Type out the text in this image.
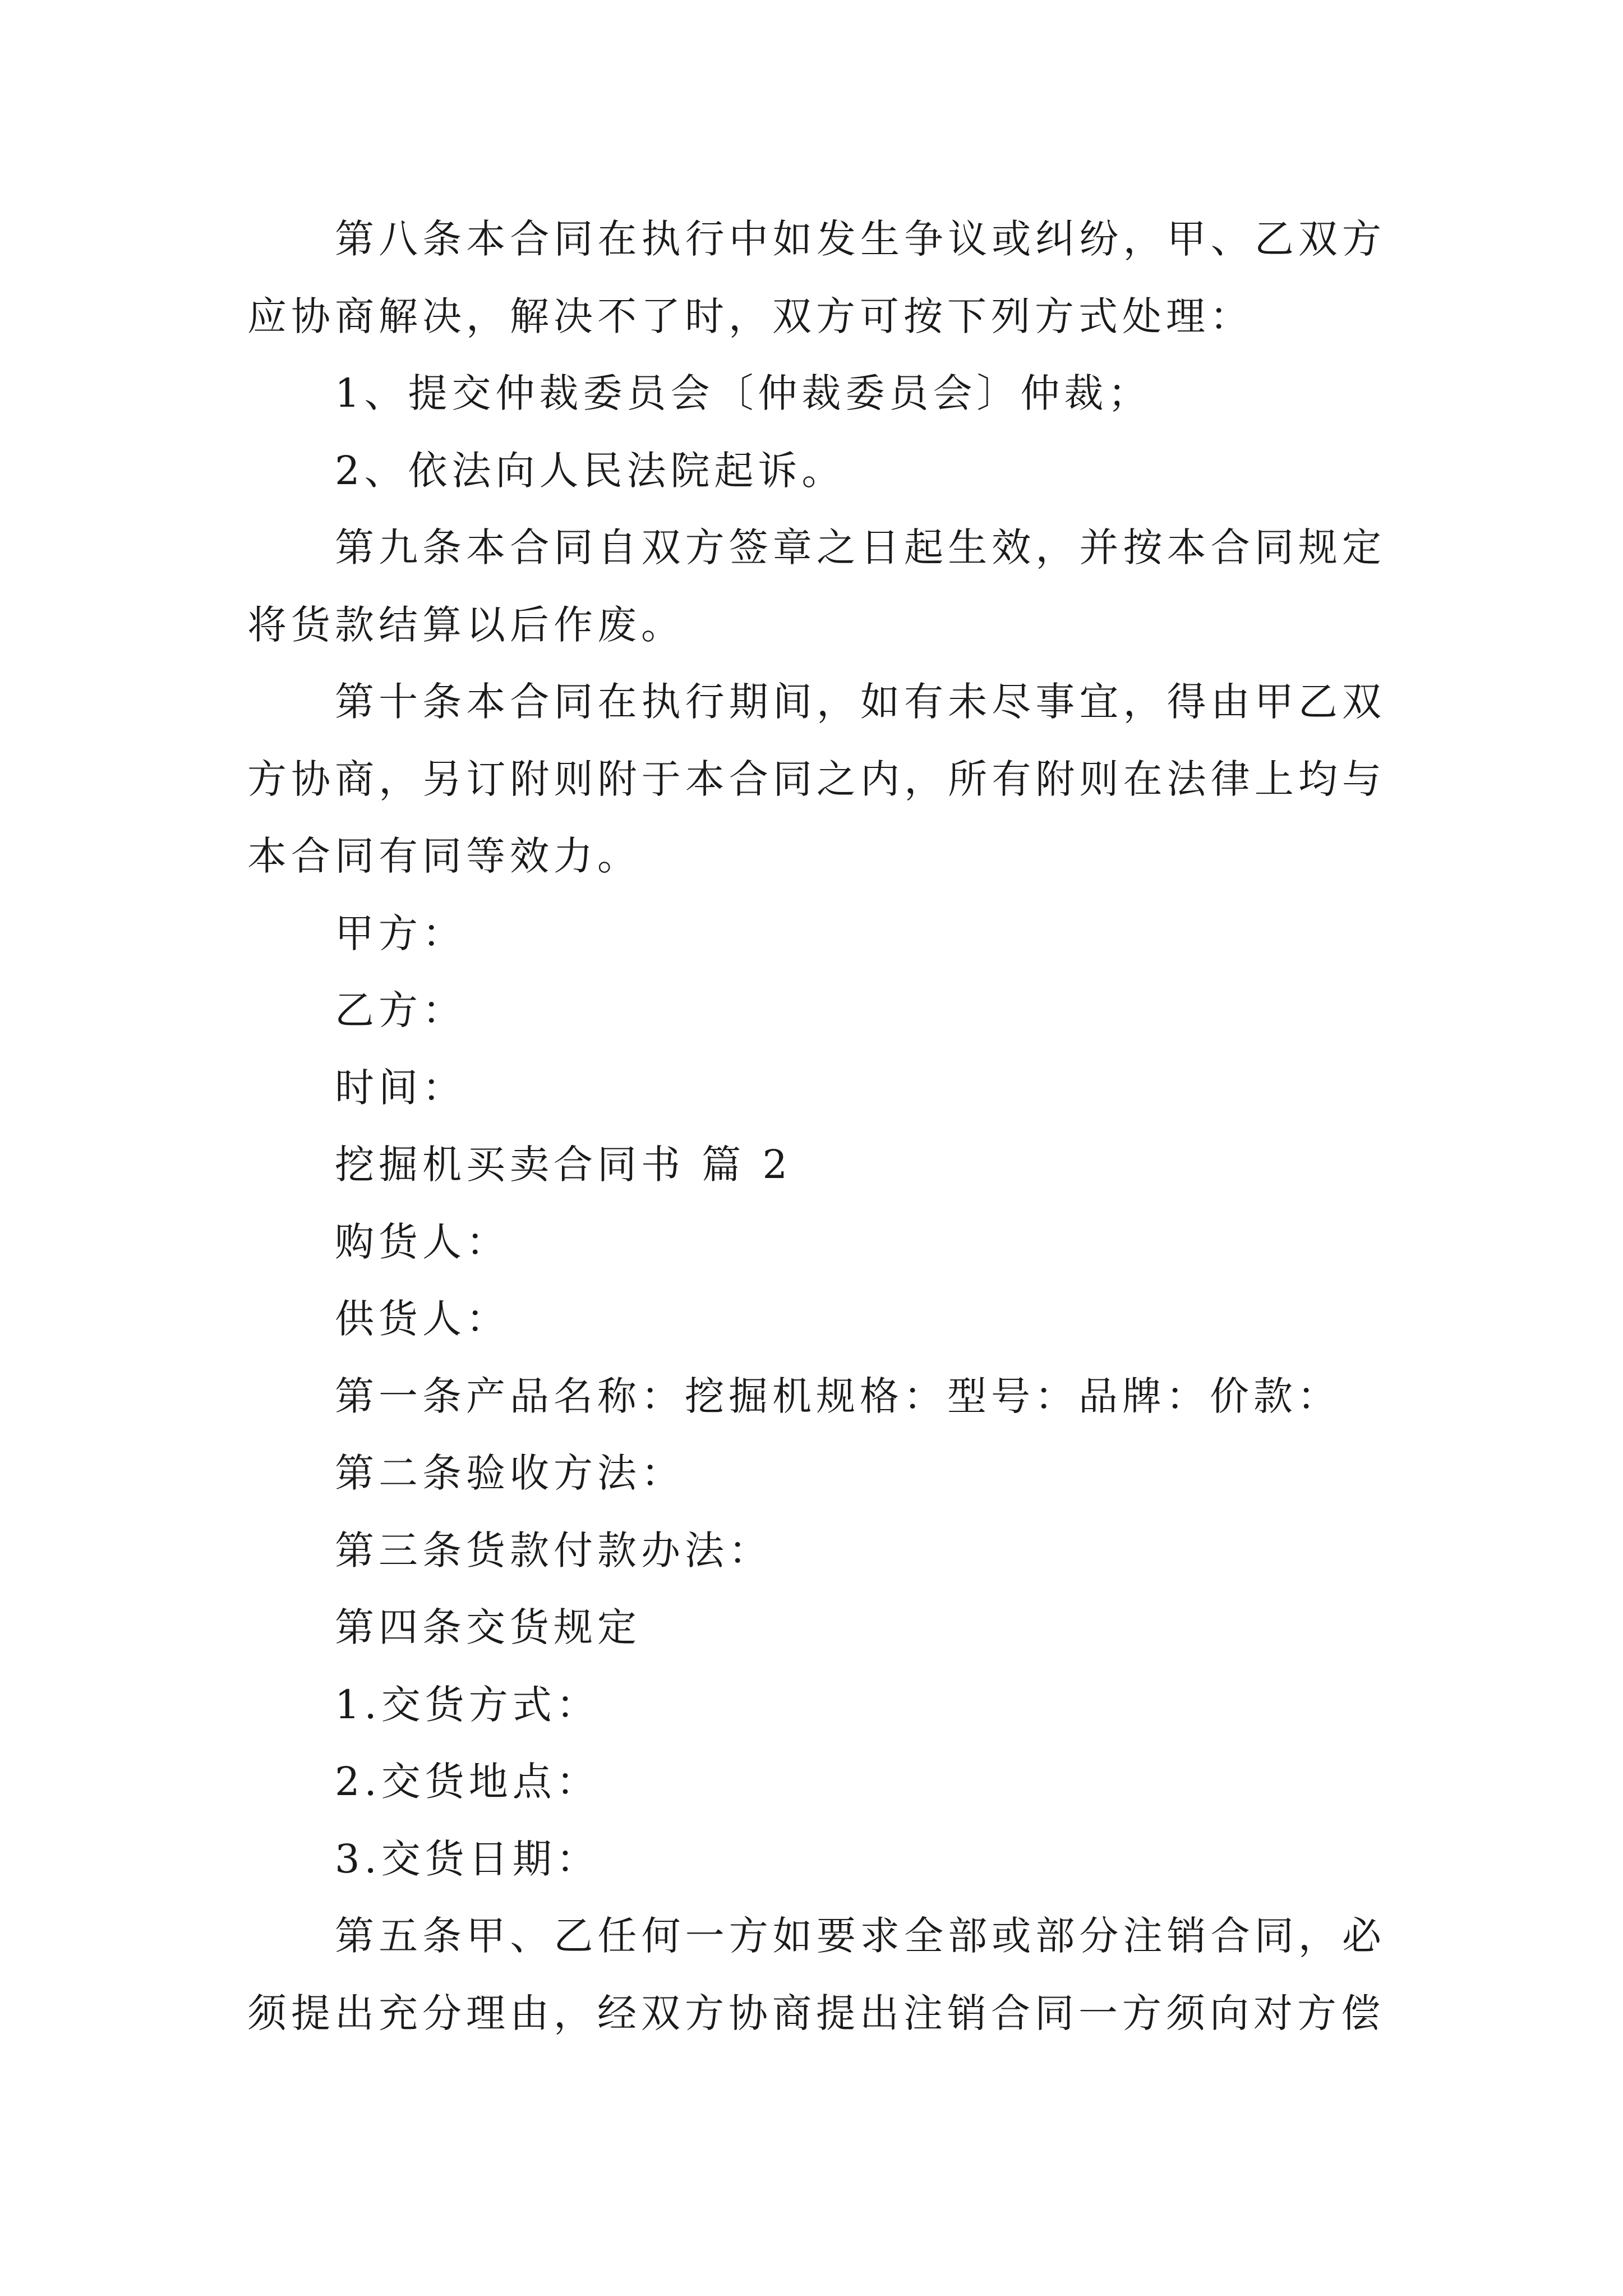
第八条本合同在执行中如发生争议或纠纷，甲、乙双方应协商解决，解决不了时，双方可按下列方式处理：

1、提交仲裁委员会〔仲裁委员会〕仲裁；

2、依法向人民法院起诉。

第九条本合同自双方签章之日起生效，并按本合同规定将货款结算以后作废。

第十条本合同在执行期间，如有未尽事宜，得由甲乙双方协商，另订附则附于本合同之内，所有附则在法律上均与本合同有同等效力。

甲方：

乙方：

时间：

挖掘机买卖合同书 篇 2

购货人：

供货人：

第一条产品名称：挖掘机规格：型号：品牌：价款：

第二条验收方法：

第三条货款付款办法：

第四条交货规定

1.交货方式：

2.交货地点：

3.交货日期：

第五条甲、乙任何一方如要求全部或部分注销合同，必须提出充分理由，经双方协商提出注销合同一方须向对方偿
